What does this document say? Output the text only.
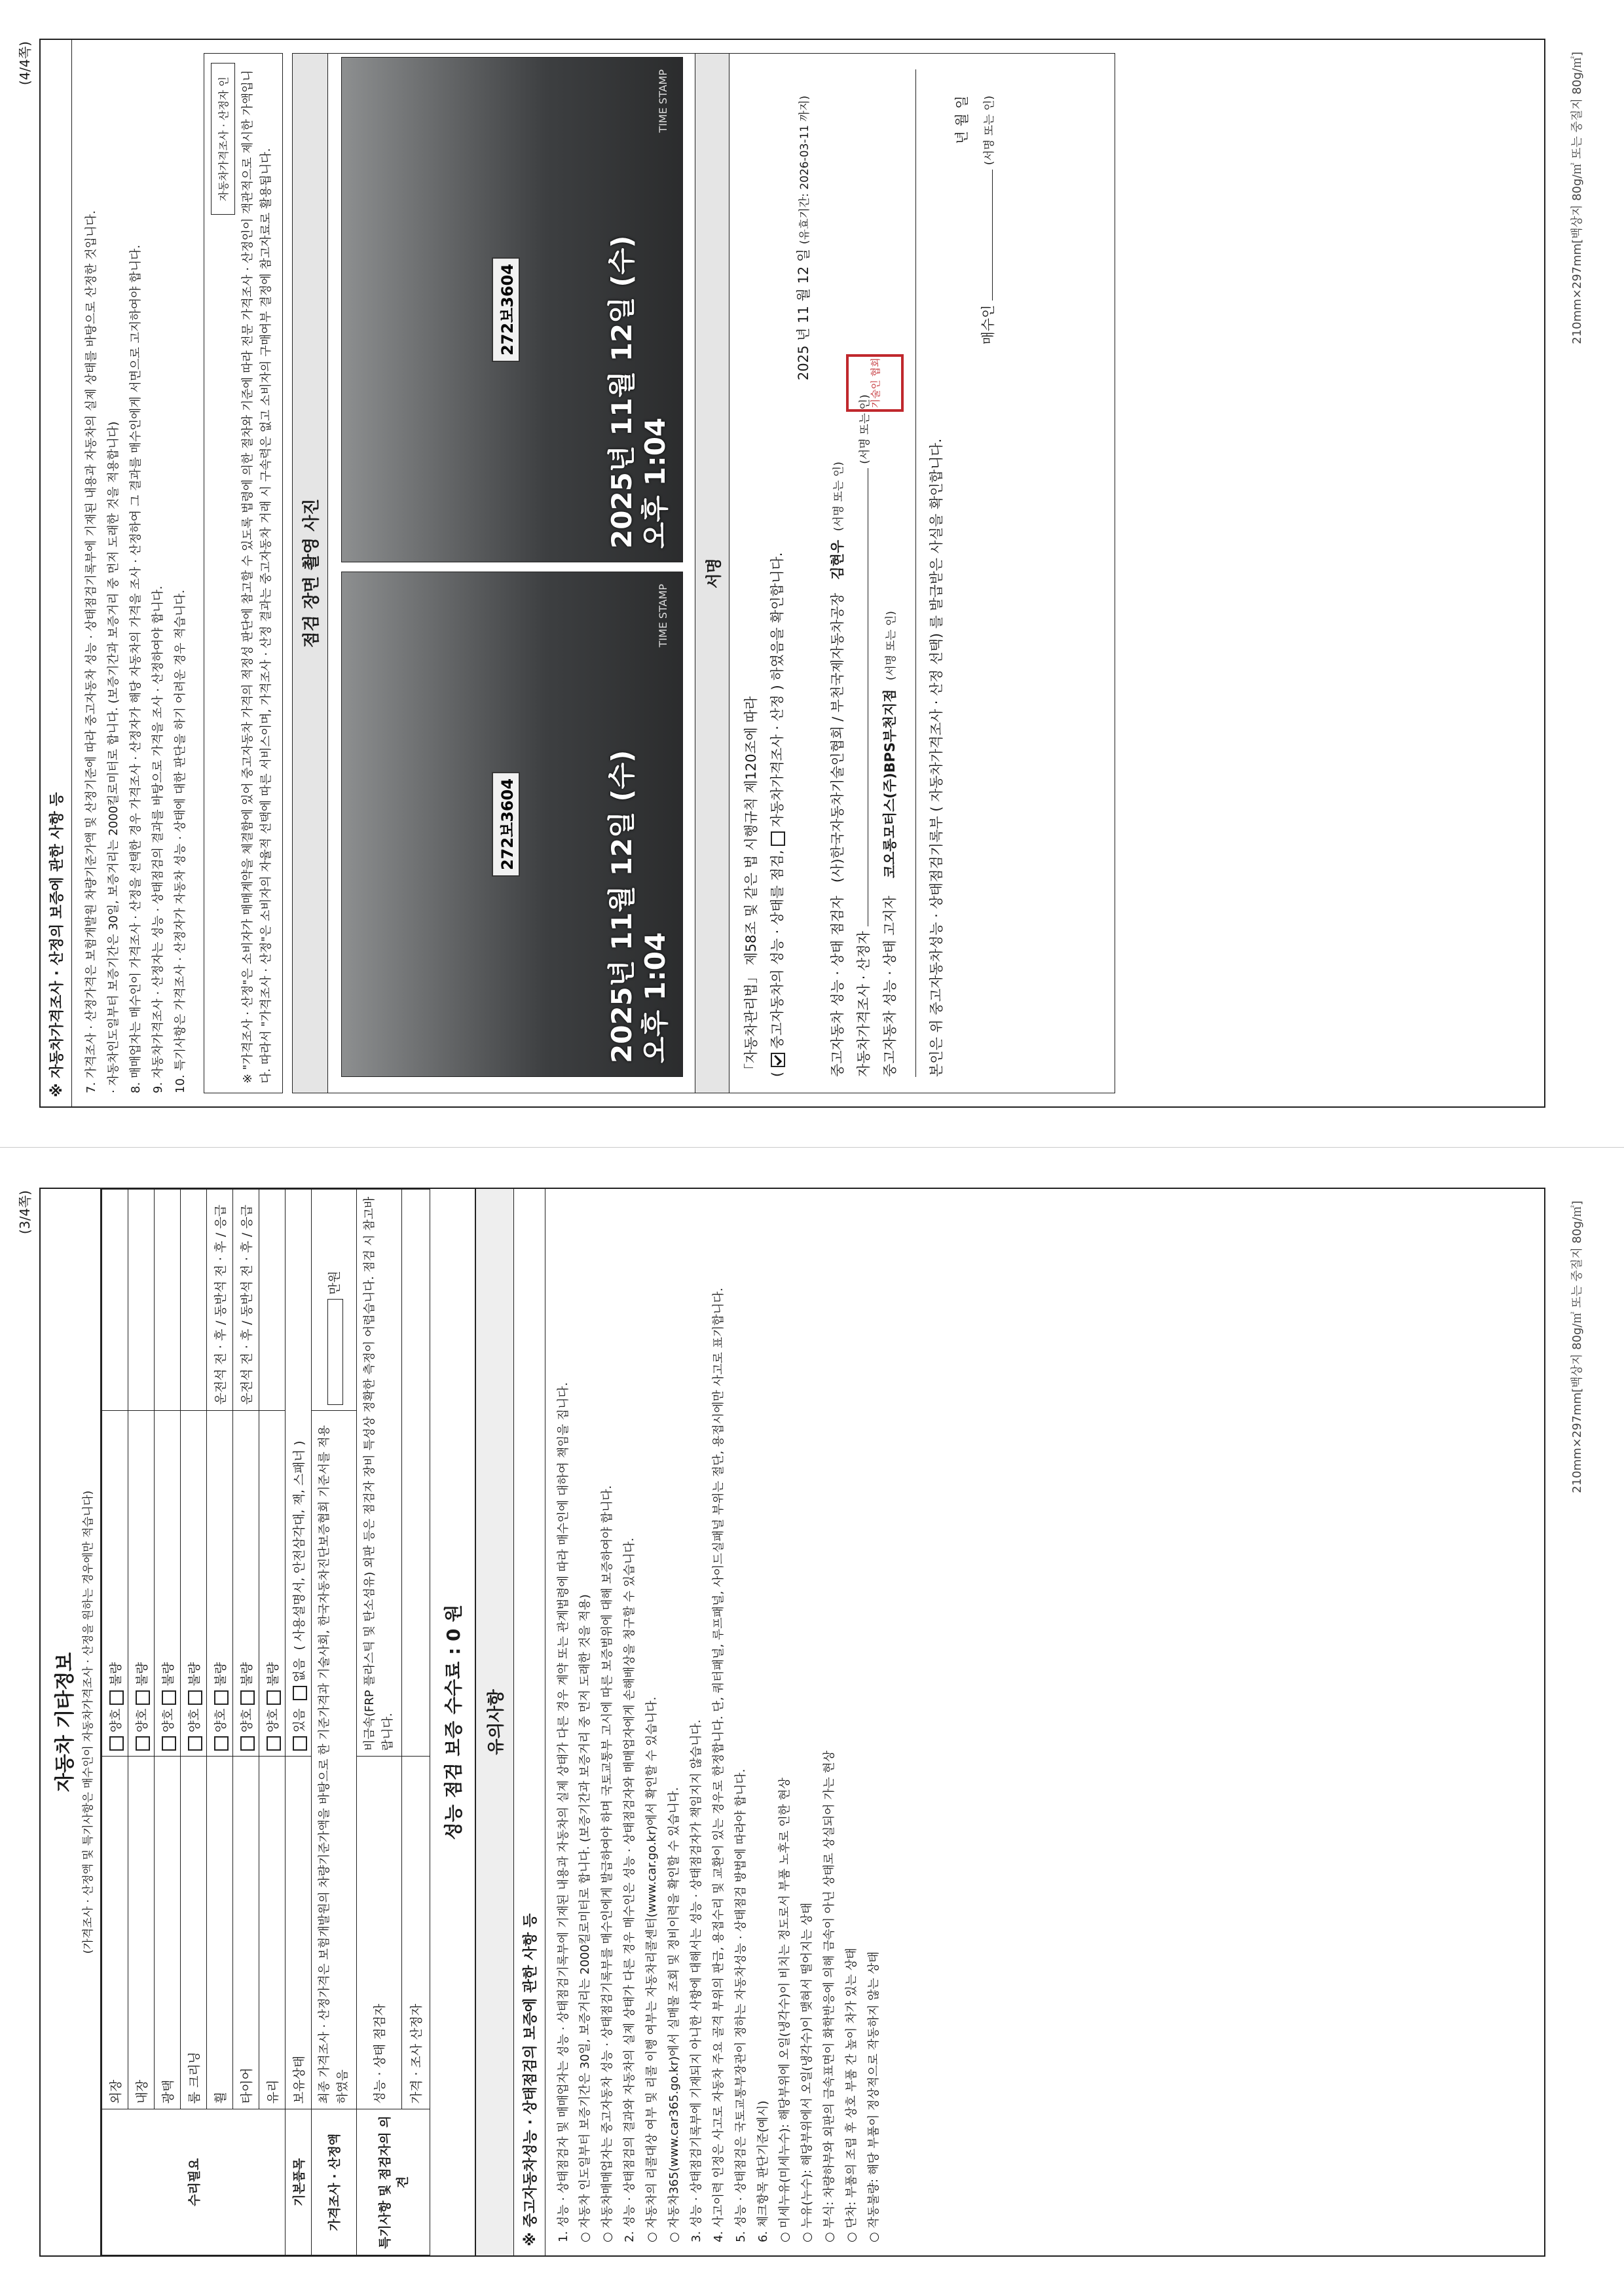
(3/4쪽)
자동차 기타정보 (가격조사 · 산정액 및 특기사항은 매수인이 자동차가격조사 · 산정을 원하는 경우에만 적습니다)
수리필요	외장	양호 불량	
	내장	양호 불량	
	광택	양호 불량	
	룸 크리닝	양호 불량	
	휠	양호 불량	운전석 전 · 후 / 동반석 전 · 후 / 응급
	타이어	양호 불량	운전석 전 · 후 / 동반석 전 · 후 / 응급
	유리	양호 불량	
기본품목	보유상태	있음  없음  ( 사용설명서, 안전삼각대, 잭, 스패너 )	
가격조사 · 산정액	최종 가격조사 · 산정가격은 보험개발원의 차량기준가액을 바탕으로 한 기준가격과 기술사회, 한국자동차진단보증협회 기준서를 적용하였음		만원
특기사항 및 점검자의 의견	성능 · 상태 점검자	비금속(FRP 플라스틱 및 탄소섬유) 외판 등은 점검자 장비 특성상 정확한 측정이 어렵습니다. 점검 시 참고바랍니다.	
	가격 · 조사 산정자		
성능 점검 보증 수수료 : 0 원	유의사항
※ 중고자동차성능 · 상태점검의 보증에 관한 사항 등	1. 성능 · 상태점검자 및 매매업자는 성능 · 상태점검기록부에 기재된 내용과 자동차의 실제 상태가 다른 경우 계약 또는 관계법령에 따라 매수인에 대하여 책임을 집니다. ○ 자동차 인도일부터 보증기간은 30일, 보증거리는 2000킬로미터로 합니다. (보증기간과 보증거리 중 먼저 도래한 것을 적용) ○ 자동차매매업자는 중고자동차 성능 · 상태점검기록부를 매수인에게 발급하여야 하며 국토교통부 고시에 따른 보증범위에 대해 보증하여야 합니다. 2. 성능 · 상태점검의 결과와 자동차의 실제 상태가 다른 경우 매수인은 성능 · 상태점검자와 매매업자에게 손해배상을 청구할 수 있습니다. ○ 자동차의 리콜대상 여부 및 리콜 이행 여부는 자동차리콜센터(www.car.go.kr)에서 확인할 수 있습니다. ○ 자동차365(www.car365.go.kr)에서 실매물 조회 및 정비이력을 확인할 수 있습니다. 3. 성능 · 상태점검기록부에 기재되지 아니한 사항에 대해서는 성능 · 상태점검자가 책임지지 않습니다. 4. 사고이력 인정은 사고로 자동차 주요 골격 부위의 판금, 용접수리 및 교환이 있는 경우로 한정합니다. 단, 쿼터패널, 루프패널, 사이드실패널 부위는 절단, 용접시에만 사고로 표기합니다. 5. 성능 · 상태점검은 국토교통부장관이 정하는 자동차성능 · 상태점검 방법에 따라야 합니다. 6. 체크항목 판단기준(예시) ○ 미세누유(미세누수): 해당부위에 오일(냉각수)이 비치는 정도로서 부품 노후로 인한 현상 ○ 누유(누수): 해당부위에서 오일(냉각수)이 맺혀서 떨어지는 상태 ○ 부식: 차량하부와 외판의 금속표면이 화학반응에 의해 금속이 아닌 상태로 상실되어 가는 현상 ○ 단차: 부품의 조립 후 상호 부품 간 높이 차가 있는 상태 ○ 작동불량: 해당 부품이 정상적으로 작동하지 않는 상태
210mm×297mm[백상지 80g/㎡ 또는 중질지 80g/㎡]
(4/4쪽)
※ 자동차가격조사 · 산정의 보증에 관한 사항 등	7. 가격조사 · 산정가격은 보험개발원 차량기준가액 및 산정기준에 따라 중고자동차 성능 · 상태점검기록부에 기재된 내용과 자동차의 실제 상태를 바탕으로 산정한 것입니다. · 자동차인도일부터 보증기간은 30일, 보증거리는 2000킬로미터로 합니다. (보증기간과 보증거리 중 먼저 도래한 것을 적용합니다) 8. 매매업자는 매수인이 가격조사 · 산정을 선택한 경우 가격조사 · 산정자가 해당 자동차의 가격을 조사 · 산정하여 그 결과를 매수인에게 서면으로 고지하여야 합니다. 9. 자동차가격조사 · 산정자는 성능 · 상태점검의 결과를 바탕으로 가격을 조사 · 산정하여야 합니다. 10. 특기사항은 가격조사 · 산정자가 자동차 성능 · 상태에 대한 판단을 하기 어려운 경우 적습니다.
자동차가격조사 · 산정자 인 ※ "가격조사 · 산정"은 소비자가 매매계약을 체결함에 있어 중고자동차 가격의 적정성 판단에 참고할 수 있도록 법령에 의한 절차와 기준에 따라 전문 가격조사 · 산정인이 객관적으로 제시한 가액입니다. 따라서 "가격조사 · 산정"은 소비자의 자율적 선택에 따른 서비스이며, 가격조사 · 산정 결과는 중고자동차 거래 시 구속력은 없고 소비자의 구매여부 결정에 참고자료로 활용됩니다.	점검 장면 촬영 사진
272보3604	2025년 11월 12일 (수) 오후 1:04
TIME STAMP
272보3604	2025년 11월 12일 (수) 오후 1:04
TIME STAMP
서명
「자동차관리법」 제58조 및 같은 법 시행규칙 제120조에 따라 ( 중고자동차의 성능 · 상태를 점검, 자동차가격조사 · 산정 ) 하였음을 확인합니다.
2025 년 11 월 12 일 (유효기간: 2026-03-11 까지)
중고자동차 성능 · 상태 점검자   (사)한국자동차기술인협회 / 부천국제자동차공장   김현우  (서명 또는 인)
자동차가격조사 · 산정자  (서명 또는 인)
중고자동차 성능 · 상태 고지자    코오롱모터스(주)BPS부천지점  (서명 또는 인)	본인은 위 중고자동차성능 · 상태점검기록부 ( 자동차가격조사 · 산정 선택) 를 발급받은 사실을 확인합니다.
년 월 일
매수인  (서명 또는 인)
기술인 협회
210mm×297mm[백상지 80g/㎡ 또는 중질지 80g/㎡]
